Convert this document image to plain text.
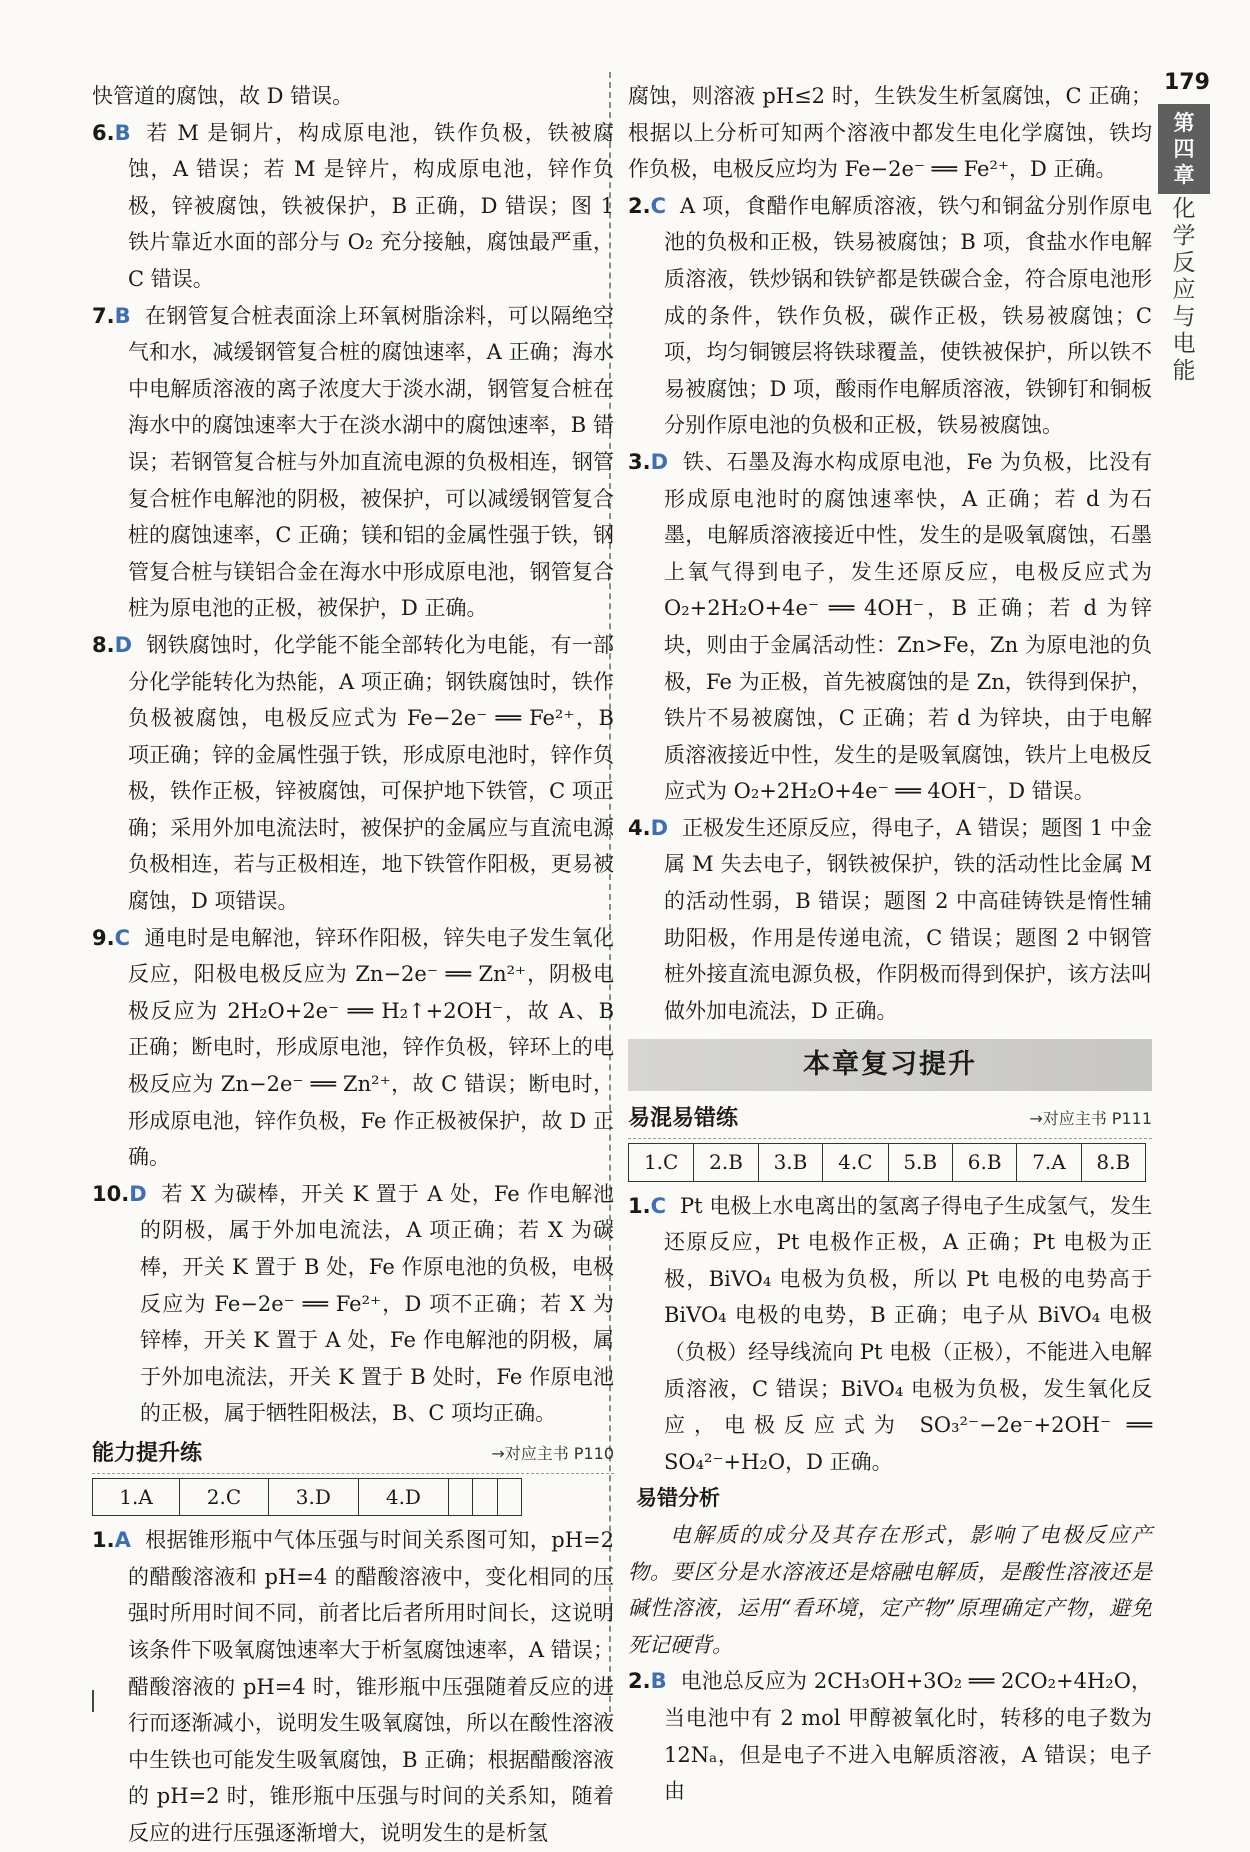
179
第
四
章
化
学
反
应
与
电
能

快管道的腐蚀，故 D 错误。

6.B 若 M 是铜片，构成原电池，铁作负极，铁被腐蚀，A 错误；若 M 是锌片，构成原电池，锌作负极，锌被腐蚀，铁被保护，B 正确，D 错误；图 1 铁片靠近水面的部分与 O₂ 充分接触，腐蚀最严重，C 错误。

7.B 在钢管复合桩表面涂上环氧树脂涂料，可以隔绝空气和水，减缓钢管复合桩的腐蚀速率，A 正确；海水中电解质溶液的离子浓度大于淡水湖，钢管复合桩在海水中的腐蚀速率大于在淡水湖中的腐蚀速率，B 错误；若钢管复合桩与外加直流电源的负极相连，钢管复合桩作电解池的阴极，被保护，可以减缓钢管复合桩的腐蚀速率，C 正确；镁和铝的金属性强于铁，钢管复合桩与镁铝合金在海水中形成原电池，钢管复合桩为原电池的正极，被保护，D 正确。

8.D 钢铁腐蚀时，化学能不能全部转化为电能，有一部分化学能转化为热能，A 项正确；钢铁腐蚀时，铁作负极被腐蚀，电极反应式为 Fe−2e⁻ ══ Fe²⁺，B 项正确；锌的金属性强于铁，形成原电池时，锌作负极，铁作正极，锌被腐蚀，可保护地下铁管，C 项正确；采用外加电流法时，被保护的金属应与直流电源负极相连，若与正极相连，地下铁管作阳极，更易被腐蚀，D 项错误。

9.C 通电时是电解池，锌环作阳极，锌失电子发生氧化反应，阳极电极反应为 Zn−2e⁻ ══ Zn²⁺，阴极电极反应为 2H₂O+2e⁻ ══ H₂↑+2OH⁻，故 A、B 正确；断电时，形成原电池，锌作负极，锌环上的电极反应为 Zn−2e⁻ ══ Zn²⁺，故 C 错误；断电时，形成原电池，锌作负极，Fe 作正极被保护，故 D 正确。

10.D 若 X 为碳棒，开关 K 置于 A 处，Fe 作电解池的阴极，属于外加电流法，A 项正确；若 X 为碳棒，开关 K 置于 B 处，Fe 作原电池的负极，电极反应为 Fe−2e⁻ ══ Fe²⁺，D 项不正确；若 X 为锌棒，开关 K 置于 A 处，Fe 作电解池的阴极，属于外加电流法，开关 K 置于 B 处时，Fe 作原电池的正极，属于牺牲阳极法，B、C 项均正确。

能力提升练	→对应主书 P110
1.A	2.C	3.D	4.D			

1.A 根据锥形瓶中气体压强与时间关系图可知，pH=2 的醋酸溶液和 pH=4 的醋酸溶液中，变化相同的压强时所用时间不同，前者比后者所用时间长，这说明该条件下吸氧腐蚀速率大于析氢腐蚀速率，A 错误；醋酸溶液的 pH=4 时，锥形瓶中压强随着反应的进行而逐渐减小，说明发生吸氧腐蚀，所以在酸性溶液中生铁也可能发生吸氧腐蚀，B 正确；根据醋酸溶液的 pH=2 时，锥形瓶中压强与时间的关系知，随着反应的进行压强逐渐增大，说明发生的是析氢

腐蚀，则溶液 pH≤2 时，生铁发生析氢腐蚀，C 正确；根据以上分析可知两个溶液中都发生电化学腐蚀，铁均作负极，电极反应均为 Fe−2e⁻ ══ Fe²⁺，D 正确。

2.C A 项，食醋作电解质溶液，铁勺和铜盆分别作原电池的负极和正极，铁易被腐蚀；B 项，食盐水作电解质溶液，铁炒锅和铁铲都是铁碳合金，符合原电池形成的条件，铁作负极，碳作正极，铁易被腐蚀；C 项，均匀铜镀层将铁球覆盖，使铁被保护，所以铁不易被腐蚀；D 项，酸雨作电解质溶液，铁铆钉和铜板分别作原电池的负极和正极，铁易被腐蚀。

3.D 铁、石墨及海水构成原电池，Fe 为负极，比没有形成原电池时的腐蚀速率快，A 正确；若 d 为石墨，电解质溶液接近中性，发生的是吸氧腐蚀，石墨上氧气得到电子，发生还原反应，电极反应式为 O₂+2H₂O+4e⁻ ══ 4OH⁻，B 正确；若 d 为锌块，则由于金属活动性：Zn>Fe，Zn 为原电池的负极，Fe 为正极，首先被腐蚀的是 Zn，铁得到保护，铁片不易被腐蚀，C 正确；若 d 为锌块，由于电解质溶液接近中性，发生的是吸氧腐蚀，铁片上电极反应式为 O₂+2H₂O+4e⁻ ══ 4OH⁻，D 错误。

4.D 正极发生还原反应，得电子，A 错误；题图 1 中金属 M 失去电子，钢铁被保护，铁的活动性比金属 M 的活动性弱，B 错误；题图 2 中高硅铸铁是惰性辅助阳极，作用是传递电流，C 错误；题图 2 中钢管桩外接直流电源负极，作阴极而得到保护，该方法叫做外加电流法，D 正确。

本章复习提升
易混易错练	→对应主书 P111
1.C	2.B	3.B	4.C	5.B	6.B	7.A	8.B

1.C Pt 电极上水电离出的氢离子得电子生成氢气，发生还原反应，Pt 电极作正极，A 正确；Pt 电极为正极，BiVO₄ 电极为负极，所以 Pt 电极的电势高于 BiVO₄ 电极的电势，B 正确；电子从 BiVO₄ 电极（负极）经导线流向 Pt 电极（正极），不能进入电解质溶液，C 错误；BiVO₄ 电极为负极，发生氧化反应，电极反应式为 SO₃²⁻−2e⁻+2OH⁻ ══ SO₄²⁻+H₂O，D 正确。

易错分析

电解质的成分及其存在形式，影响了电极反应产物。要区分是水溶液还是熔融电解质，是酸性溶液还是碱性溶液，运用“看环境，定产物”原理确定产物，避免死记硬背。

2.B 电池总反应为 2CH₃OH+3O₂ ══ 2CO₂+4H₂O，当电池中有 2 mol 甲醇被氧化时，转移的电子数为 12Nₐ，但是电子不进入电解质溶液，A 错误；电子由
